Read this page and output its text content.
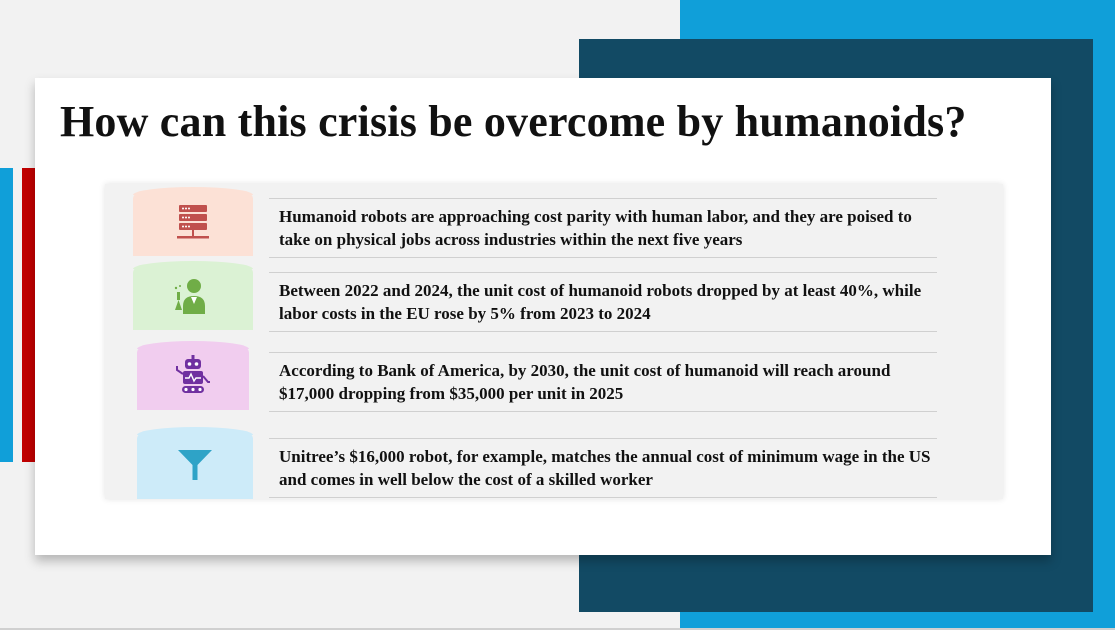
How can this crisis be overcome by humanoids?
Humanoid robots are approaching cost parity with human labor, and they are poised to take on physical jobs across industries within the next five years
Between 2022 and 2024, the unit cost of humanoid robots dropped by at least 40%, while labor costs in the EU rose by 5% from 2023 to 2024
According to Bank of America, by 2030, the unit cost of humanoid will reach around $17,000 dropping from $35,000 per unit in 2025
Unitree’s $16,000 robot, for example, matches the annual cost of minimum wage in the US and comes in well below the cost of a skilled worker
